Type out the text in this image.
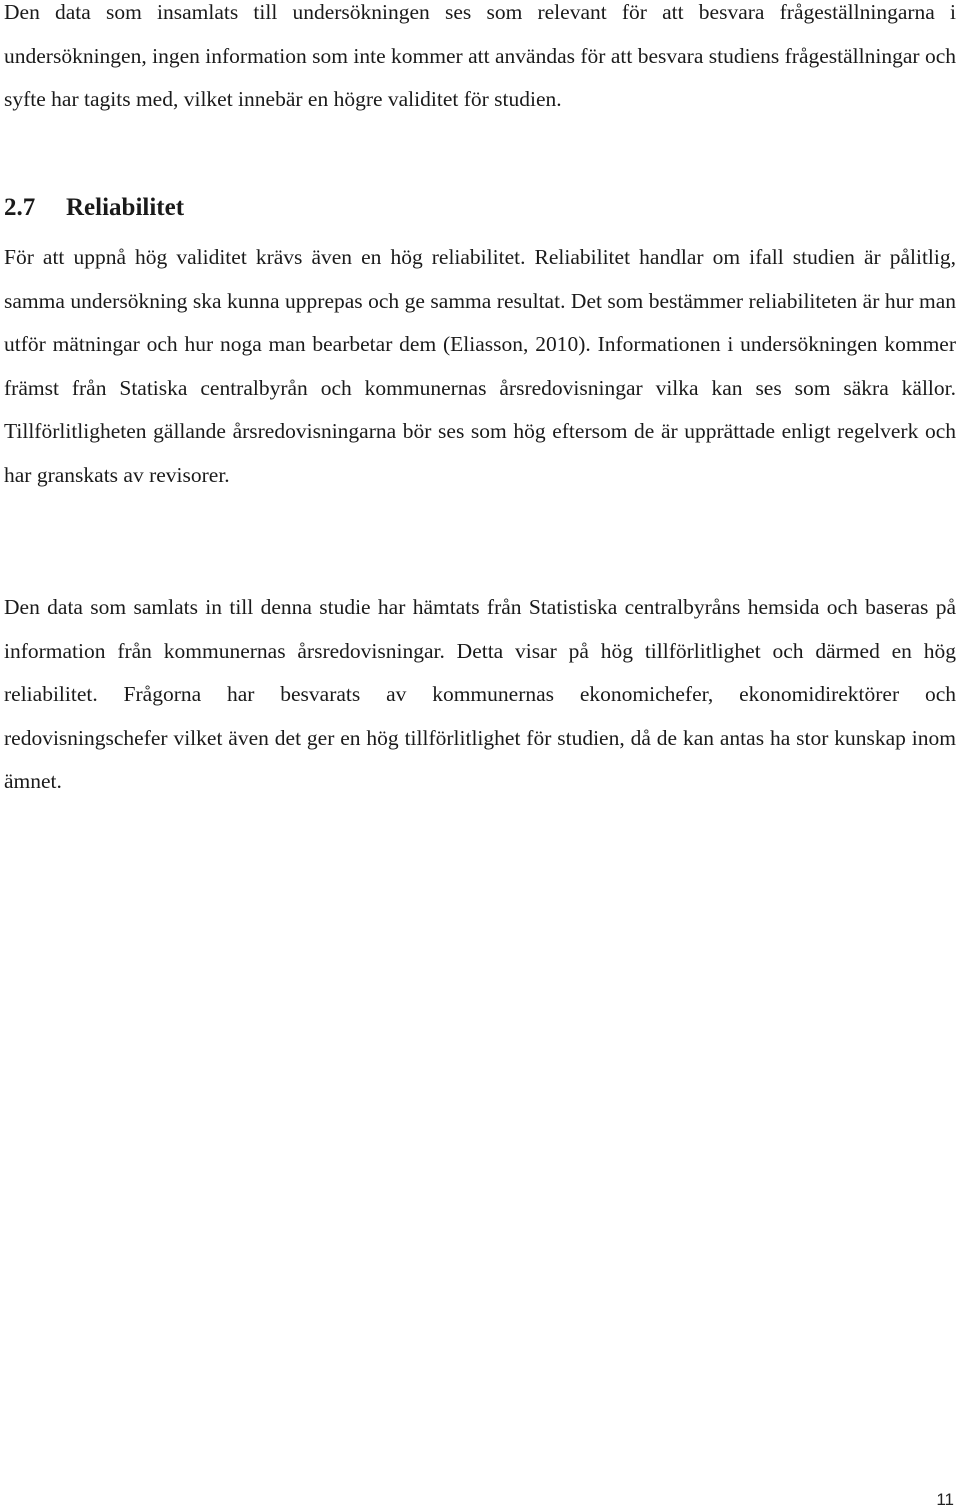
Den data som insamlats till undersökningen ses som relevant för att besvara frågeställningarna i undersökningen, ingen information som inte kommer att användas för att besvara studiens frågeställningar och syfte har tagits med, vilket innebär en högre validitet för studien.

2.7 Reliabilitet

För att uppnå hög validitet krävs även en hög reliabilitet. Reliabilitet handlar om ifall studien är pålitlig, samma undersökning ska kunna upprepas och ge samma resultat. Det som bestämmer reliabiliteten är hur man utför mätningar och hur noga man bearbetar dem (Eliasson, 2010). Informationen i undersökningen kommer främst från Statiska centralbyrån och kommunernas årsredovisningar vilka kan ses som säkra källor. Tillförlitligheten gällande årsredovisningarna bör ses som hög eftersom de är upprättade enligt regelverk och har granskats av revisorer.

Den data som samlats in till denna studie har hämtats från Statistiska centralbyråns hemsida och baseras på information från kommunernas årsredovisningar. Detta visar på hög tillförlitlighet och därmed en hög reliabilitet. Frågorna har besvarats av kommunernas ekonomichefer, ekonomidirektörer och redovisningschefer vilket även det ger en hög tillförlitlighet för studien, då de kan antas ha stor kunskap inom ämnet.

11
